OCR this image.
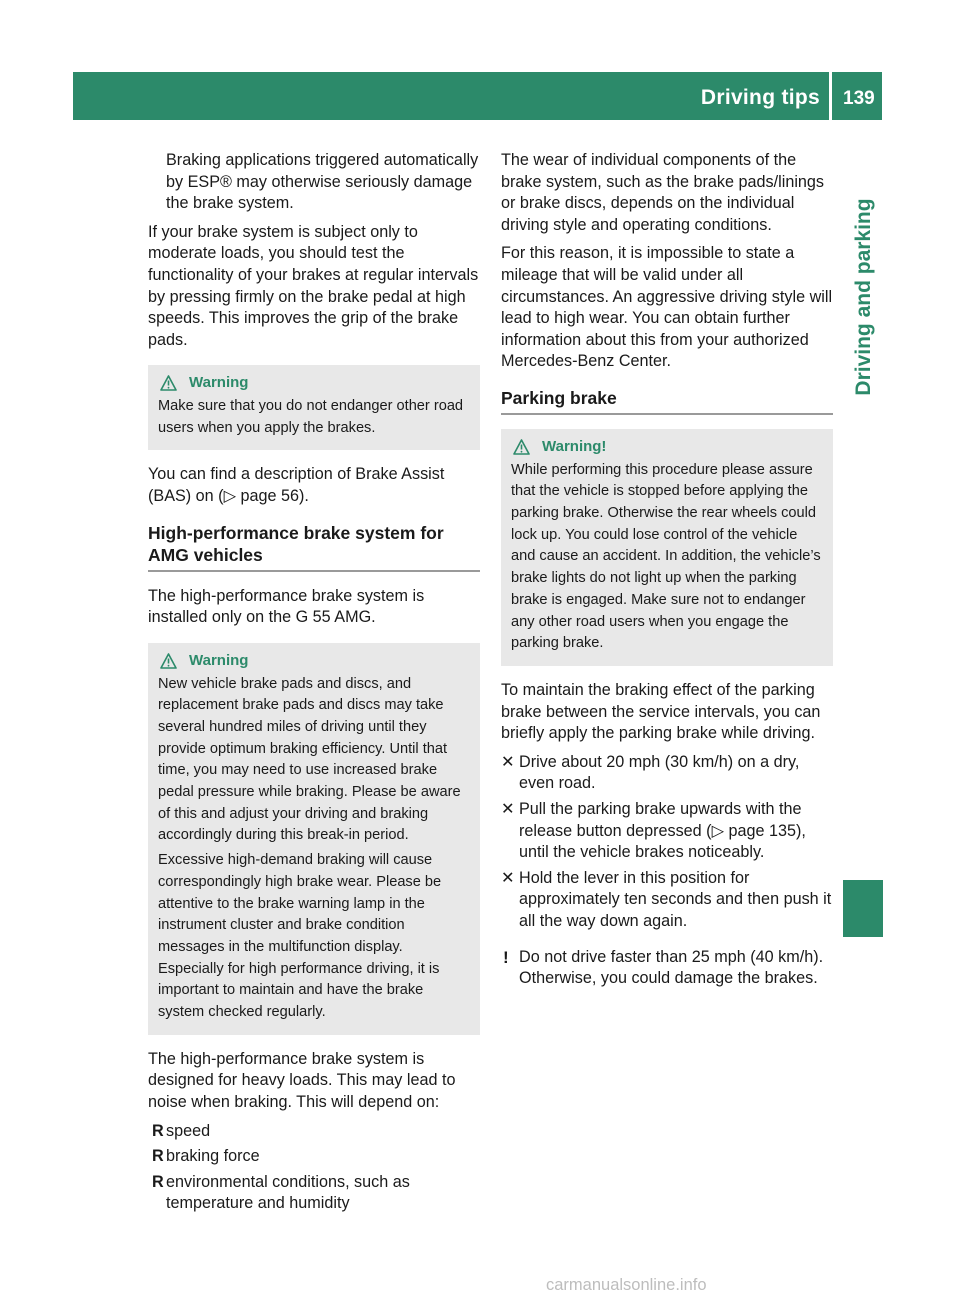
Driving tips 139
Driving and parking

Braking applications triggered automatically by ESP® may otherwise seriously damage the brake system.

If your brake system is subject only to moderate loads, you should test the functionality of your brakes at regular intervals by pressing firmly on the brake pedal at high speeds. This improves the grip of the brake pads.

Warning

Make sure that you do not endanger other road users when you apply the brakes.

You can find a description of Brake Assist (BAS) on (▷ page 56).

High-performance brake system for AMG vehicles

The high-performance brake system is installed only on the G 55 AMG.

Warning

New vehicle brake pads and discs, and replacement brake pads and discs may take several hundred miles of driving until they provide optimum braking efficiency. Until that time, you may need to use increased brake pedal pressure while braking. Please be aware of this and adjust your driving and braking accordingly during this break-in period.

Excessive high-demand braking will cause correspondingly high brake wear. Please be attentive to the brake warning lamp in the instrument cluster and brake condition messages in the multifunction display. Especially for high performance driving, it is important to maintain and have the brake system checked regularly.

The high-performance brake system is designed for heavy loads. This may lead to noise when braking. This will depend on:

R speed
R braking force
R environmental conditions, such as temperature and humidity

The wear of individual components of the brake system, such as the brake pads/linings or brake discs, depends on the individual driving style and operating conditions.

For this reason, it is impossible to state a mileage that will be valid under all circumstances. An aggressive driving style will lead to high wear. You can obtain further information about this from your authorized Mercedes-Benz Center.

Parking brake
Warning!

While performing this procedure please assure that the vehicle is stopped before applying the parking brake. Otherwise the rear wheels could lock up. You could lose control of the vehicle and cause an accident. In addition, the vehicle’s brake lights do not light up when the parking brake is engaged. Make sure not to endanger any other road users when you engage the parking brake.

To maintain the braking effect of the parking brake between the service intervals, you can briefly apply the parking brake while driving.

✕ Drive about 20 mph (30 km/h) on a dry, even road.
✕ Pull the parking brake upwards with the release button depressed (▷ page 135), until the vehicle brakes noticeably.
✕ Hold the lever in this position for approximately ten seconds and then push it all the way down again.
! Do not drive faster than 25 mph (40 km/h). Otherwise, you could damage the brakes.
carmanualsonline.info
